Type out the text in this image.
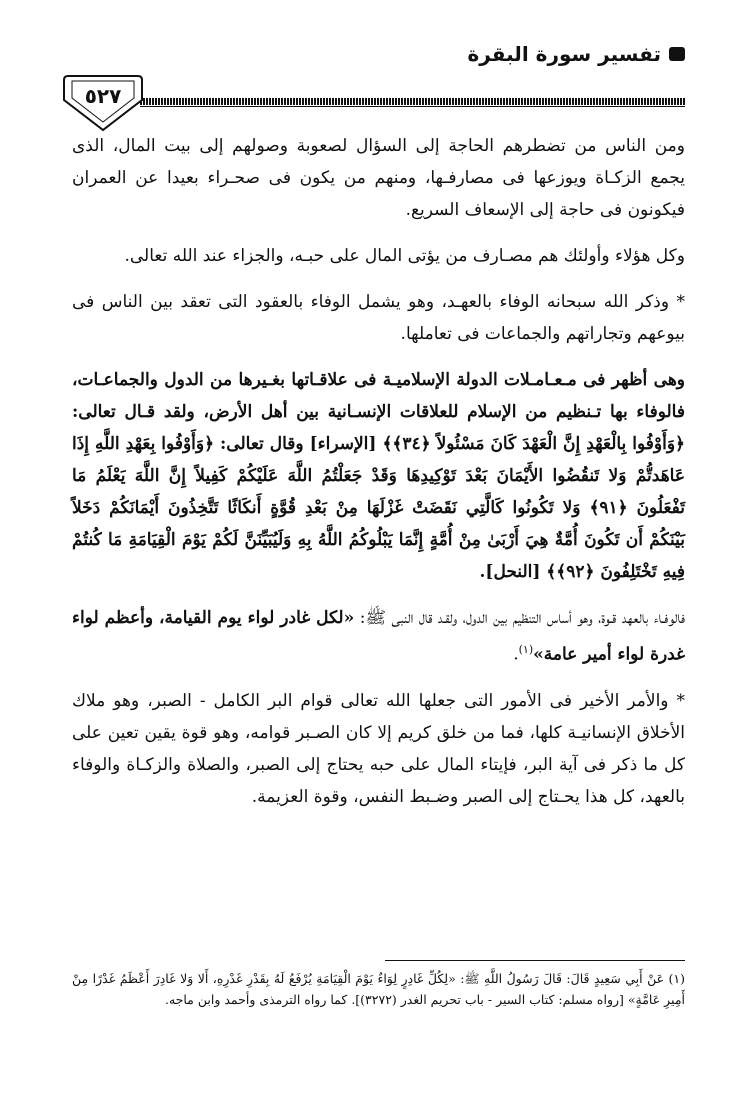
تفسير سورة البقرة
٥٢٧

ومن الناس من تضطرهم الحاجة إلى السؤال لصعوبة وصولهم إلى بيت المال، الذى يجمع الزكـاة ويوزعها فى مصارفـها، ومنهم من يكون فى صحـراء بعيدا عن العمران فيكونون فى حاجة إلى الإسعاف السريع.

وكل هؤلاء وأولئك هم مصـارف من يؤتى المال على حبـه، والجزاء عند الله تعالى.

* وذكر الله سبحانه الوفاء بالعهـد، وهو يشمل الوفاء بالعقود التى تعقد بين الناس فى بيوعهم وتجاراتهم والجماعات فى تعاملها.

وهى أظهر فى مـعـامـلات الدولة الإسلاميـة فى علاقـاتها بغـيرها من الدول والجماعـات، فالوفاء بها تـنظيم من الإسلام للعلاقات الإنسـانية بين أهل الأرض، ولقد قـال تعالى: ﴿وَأَوْفُوا بِالْعَهْدِ إِنَّ الْعَهْدَ كَانَ مَسْئُولاً ﴿٣٤﴾﴾ [الإسراء] وقال تعالى: ﴿وَأَوْفُوا بِعَهْدِ اللَّهِ إِذَا عَاهَدتُّمْ وَلا تَنقُضُوا الأَيْمَانَ بَعْدَ تَوْكِيدِهَا وَقَدْ جَعَلْتُمُ اللَّهَ عَلَيْكُمْ كَفِيلاً إِنَّ اللَّهَ يَعْلَمُ مَا تَفْعَلُونَ ﴿٩١﴾ وَلا تَكُونُوا كَالَّتِي نَقَضَتْ غَزْلَهَا مِنْ بَعْدِ قُوَّةٍ أَنكَاثًا تَتَّخِذُونَ أَيْمَانَكُمْ دَخَلاً بَيْنَكُمْ أَن تَكُونَ أُمَّةٌ هِيَ أَرْبَىٰ مِنْ أُمَّةٍ إِنَّمَا يَبْلُوكُمُ اللَّهُ بِهِ وَلَيُبَيِّنَنَّ لَكُمْ يَوْمَ الْقِيَامَةِ مَا كُنتُمْ فِيهِ تَخْتَلِفُونَ ﴿٩٢﴾﴾ [النحل].

فالوفـاء بالعهد قـوة، وهو أساس التنظيم بين الدول، ولقـد قال النبى ﷺ: «لكل غادر لواء يوم القيامة، وأعظم لواء غدرة لواء أمير عامة»$^{(١)}$.

* والأمر الأخير فى الأمور التى جعلها الله تعالى قوام البر الكامل - الصبر، وهو ملاك الأخلاق الإنسانيـة كلها، فما من خلق كريم إلا كان الصـبر قوامه، وهو قوة يقين تعين على كل ما ذكر فى آية البر، فإيتاء المال على حبه يحتاج إلى الصبر، والصلاة والزكـاة والوفاء بالعهد، كل هذا يحـتاج إلى الصبر وضـبط النفس، وقوة العزيمة.

(١) عَنْ أَبِي سَعِيدٍ قَالَ: قَالَ رَسُولُ اللَّهِ ﷺ: «لِكُلِّ غَادِرٍ لِوَاءٌ يَوْمَ الْقِيَامَةِ يُرْفَعُ لَهُ بِقَدْرِ غَدْرِهِ، أَلا وَلا غَادِرَ أَعْظَمُ غَدْرًا مِنْ أَمِيرِ عَامَّةٍ» [رواه مسلم: كتاب السير - باب تحريم الغدر (٣٢٧٢)]. كما رواه الترمذى وأحمد وابن ماجه.
